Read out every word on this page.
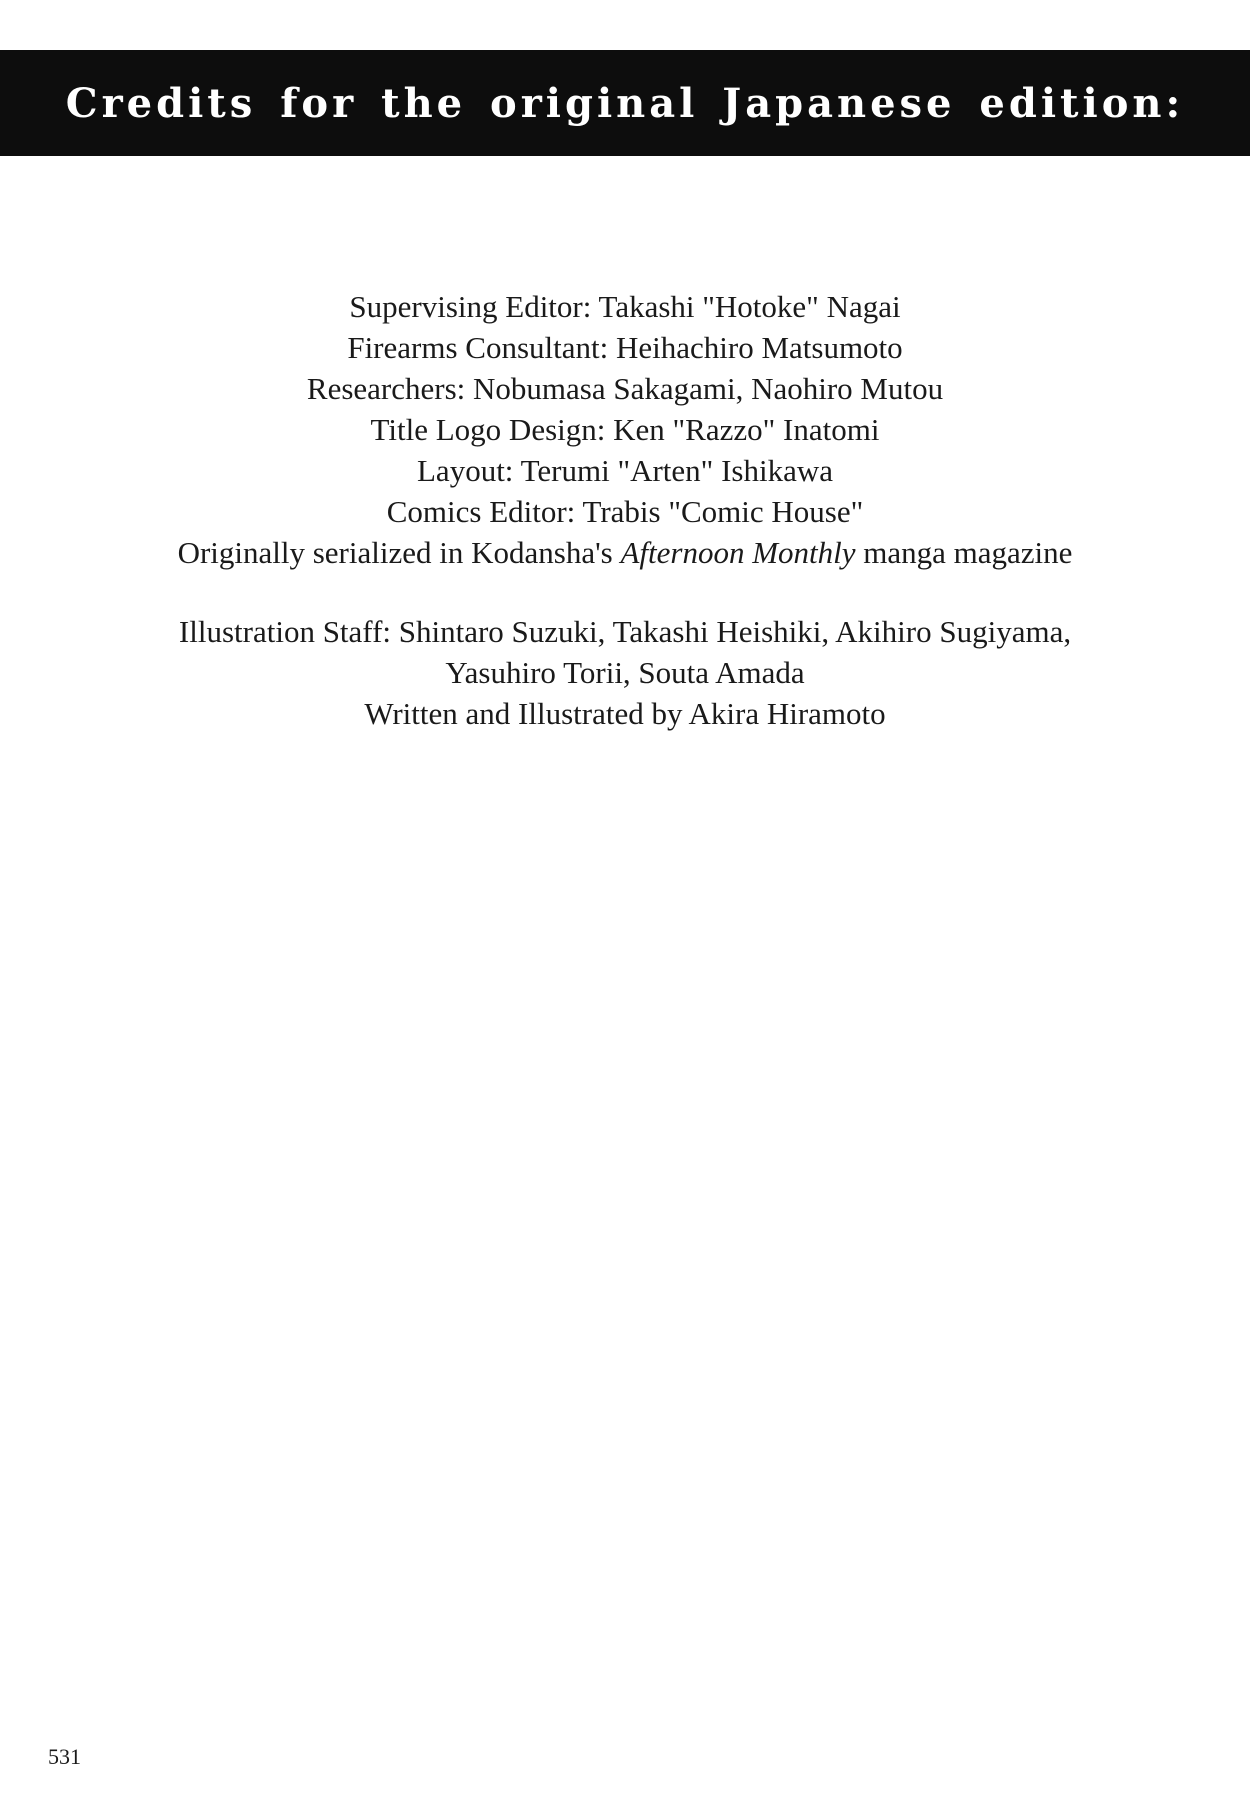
Credits for the original Japanese edition:
Supervising Editor: Takashi "Hotoke" Nagai
Firearms Consultant: Heihachiro Matsumoto
Researchers: Nobumasa Sakagami, Naohiro Mutou
Title Logo Design: Ken "Razzo" Inatomi
Layout: Terumi "Arten" Ishikawa
Comics Editor: Trabis "Comic House"
Originally serialized in Kodansha's Afternoon Monthly manga magazine
Illustration Staff: Shintaro Suzuki, Takashi Heishiki, Akihiro Sugiyama,
Yasuhiro Torii, Souta Amada
Written and Illustrated by Akira Hiramoto
531
